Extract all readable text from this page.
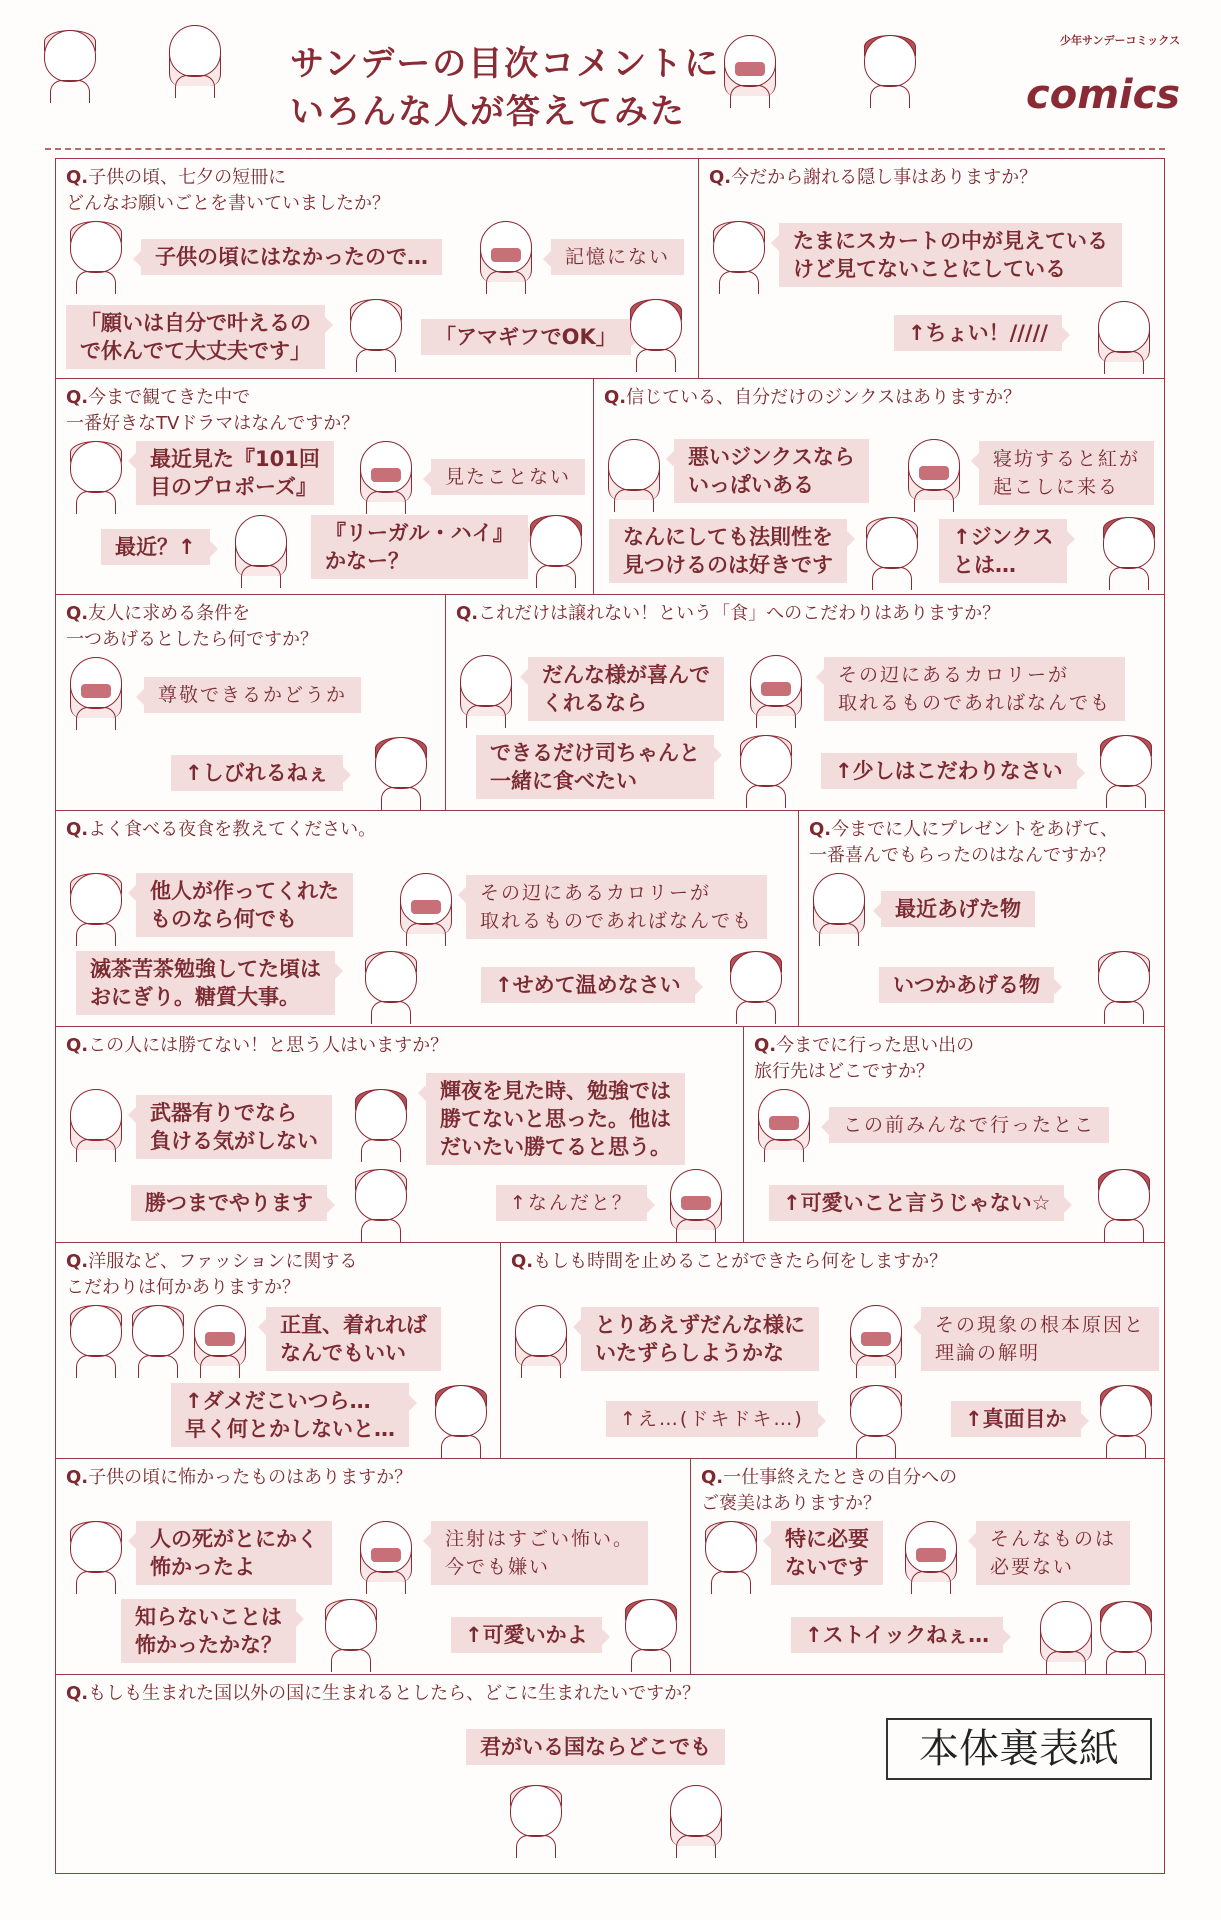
サンデーの目次コメントに
いろんな人が答えてみた
少年サンデーコミックス
comics
Q.子供の頃、七夕の短冊に
どんなお願いごとを書いていましたか？
子供の頃にはなかったので…	記憶にない
「願いは自分で叶えるの
で休んでて大丈夫です」
「アマギフでOK」
Q.今だから謝れる隠し事はありますか？
たまにスカートの中が見えている
けど見てないことにしている
↑ちょい！/////
Q.今まで観てきた中で
一番好きなTVドラマはなんですか？
最近見た『101回
目のプロポーズ』	見たことない
最近？↑
『リーガル・ハイ』
かなー？
Q.信じている、自分だけのジンクスはありますか？
悪いジンクスなら
いっぱいある
寝坊すると紅が
起こしに来る
なんにしても法則性を
見つけるのは好きです
↑ジンクス
とは…
Q.友人に求める条件を
一つあげるとしたら何ですか？
尊敬できるかどうか
↑しびれるねぇ
Q.これだけは譲れない！という「食」へのこだわりはありますか？
だんな様が喜んで
くれるなら
その辺にあるカロリーが
取れるものであればなんでも
できるだけ司ちゃんと
一緒に食べたい	↑少しはこだわりなさい
Q.よく食べる夜食を教えてください。
他人が作ってくれた
ものなら何でも
その辺にあるカロリーが
取れるものであればなんでも
滅茶苦茶勉強してた頃は
おにぎり。糖質大事。	↑せめて温めなさい
Q.今までに人にプレゼントをあげて、
一番喜んでもらったのはなんですか？
最近あげた物
いつかあげる物
Q.この人には勝てない！と思う人はいますか？
武器有りでなら
負ける気がしない
輝夜を見た時、勉強では
勝てないと思った。他は
だいたい勝てると思う。
勝つまでやります	↑なんだと？
Q.今までに行った思い出の
旅行先はどこですか？
この前みんなで行ったとこ
↑可愛いこと言うじゃない☆
Q.洋服など、ファッションに関する
こだわりは何かありますか？
正直、着れれば
なんでもいい
↑ダメだこいつら…
早く何とかしないと…
Q.もしも時間を止めることができたら何をしますか？
とりあえずだんな様に
いたずらしようかな
その現象の根本原因と
理論の解明
↑え…(ドキドキ…)	↑真面目か
Q.子供の頃に怖かったものはありますか？
人の死がとにかく
怖かったよ
注射はすごい怖い。
今でも嫌い
知らないことは
怖かったかな？	↑可愛いかよ
Q.一仕事終えたときの自分への
ご褒美はありますか？
特に必要
ないです
そんなものは
必要ない
↑ストイックねぇ…
Q.もしも生まれた国以外の国に生まれるとしたら、どこに生まれたいですか？
君がいる国ならどこでも	本体裏表紙
